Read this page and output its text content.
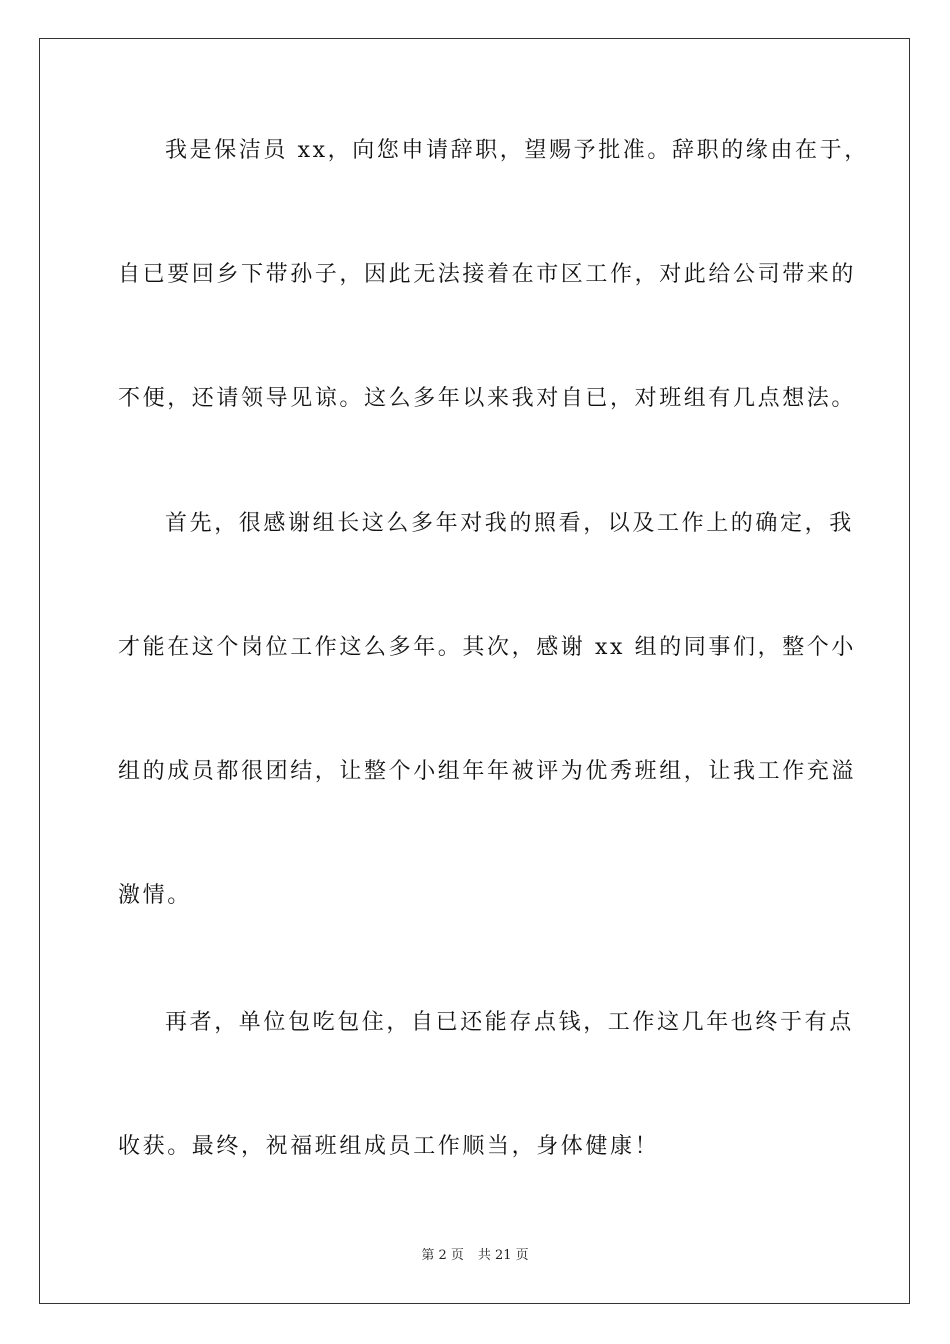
我是保洁员 xx，向您申请辞职，望赐予批准。辞职的缘由在于，
自已要回乡下带孙子，因此无法接着在市区工作，对此给公司带来的
不便，还请领导见谅。这么多年以来我对自已，对班组有几点想法。
首先，很感谢组长这么多年对我的照看，以及工作上的确定，我
才能在这个岗位工作这么多年。其次，感谢 xx 组的同事们，整个小
组的成员都很团结，让整个小组年年被评为优秀班组，让我工作充溢
激情。
再者，单位包吃包住，自已还能存点钱，工作这几年也终于有点
收获。最终，祝福班组成员工作顺当，身体健康！
第 2 页 共 21 页
